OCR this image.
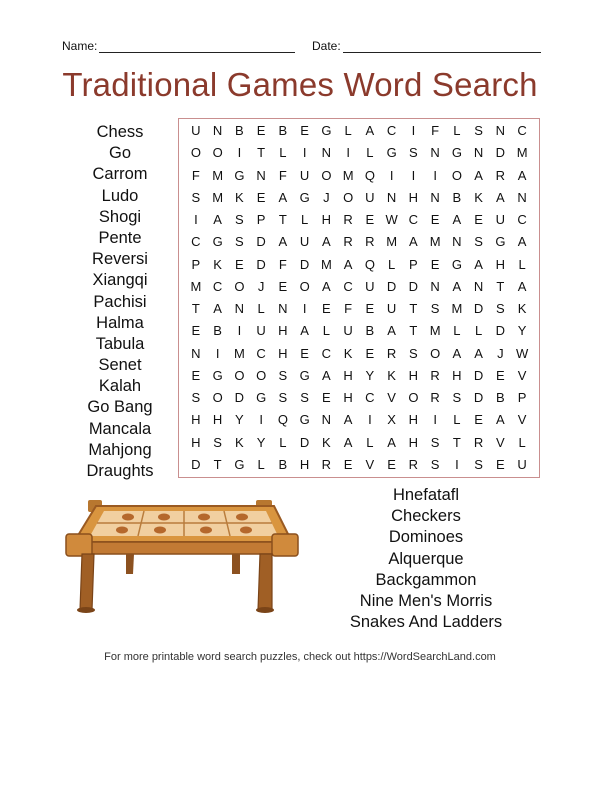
Name:	Date:
Traditional Games Word Search
Chess
Go
Carrom
Ludo
Shogi
Pente
Reversi
Xiangqi
Pachisi
Halma
Tabula
Senet
Kalah
Go Bang
Mancala
Mahjong
Draughts
U N B	E	B	E G	L	A C	I	F	L	S N C
O O	I	T	L	I	N	I	L	G S N G N D M
F M G N	F	U O M Q	I	I	I	O A R A
S M K	E	A G	J	O U N H N B	K	A N
I	A	S	P	T	L	H R E W C E	A	E U C
C G S D A U A R R M A M N S G A
P	K	E D	F	D M A Q	L	P	E G A H	L
M C O	J	E O A C U D D N A N	T	A
T	A N	L	N	I	E	F	E U	T	S M D S	K
E	B	I	U H A	L	U B	A	T M L	L	D Y
N	I	M C H E C K	E R S O A	A	J W
E G O O S G A H Y	K H R H D E	V
S O D G S	S	E H C V O R S D B	P
H H Y	I	Q G N A	I	X H	I	L	E	A	V
H S	K	Y	L	D K	A	L	A H S	T	R V	L
D	T G	L	B H R E	V	E R S	I	S	E U
Hnefatafl
Checkers
Dominoes
Alquerque
Backgammon
Nine Men's Morris
Snakes And Ladders
For more printable word search puzzles, check out https://WordSearchLand.com
